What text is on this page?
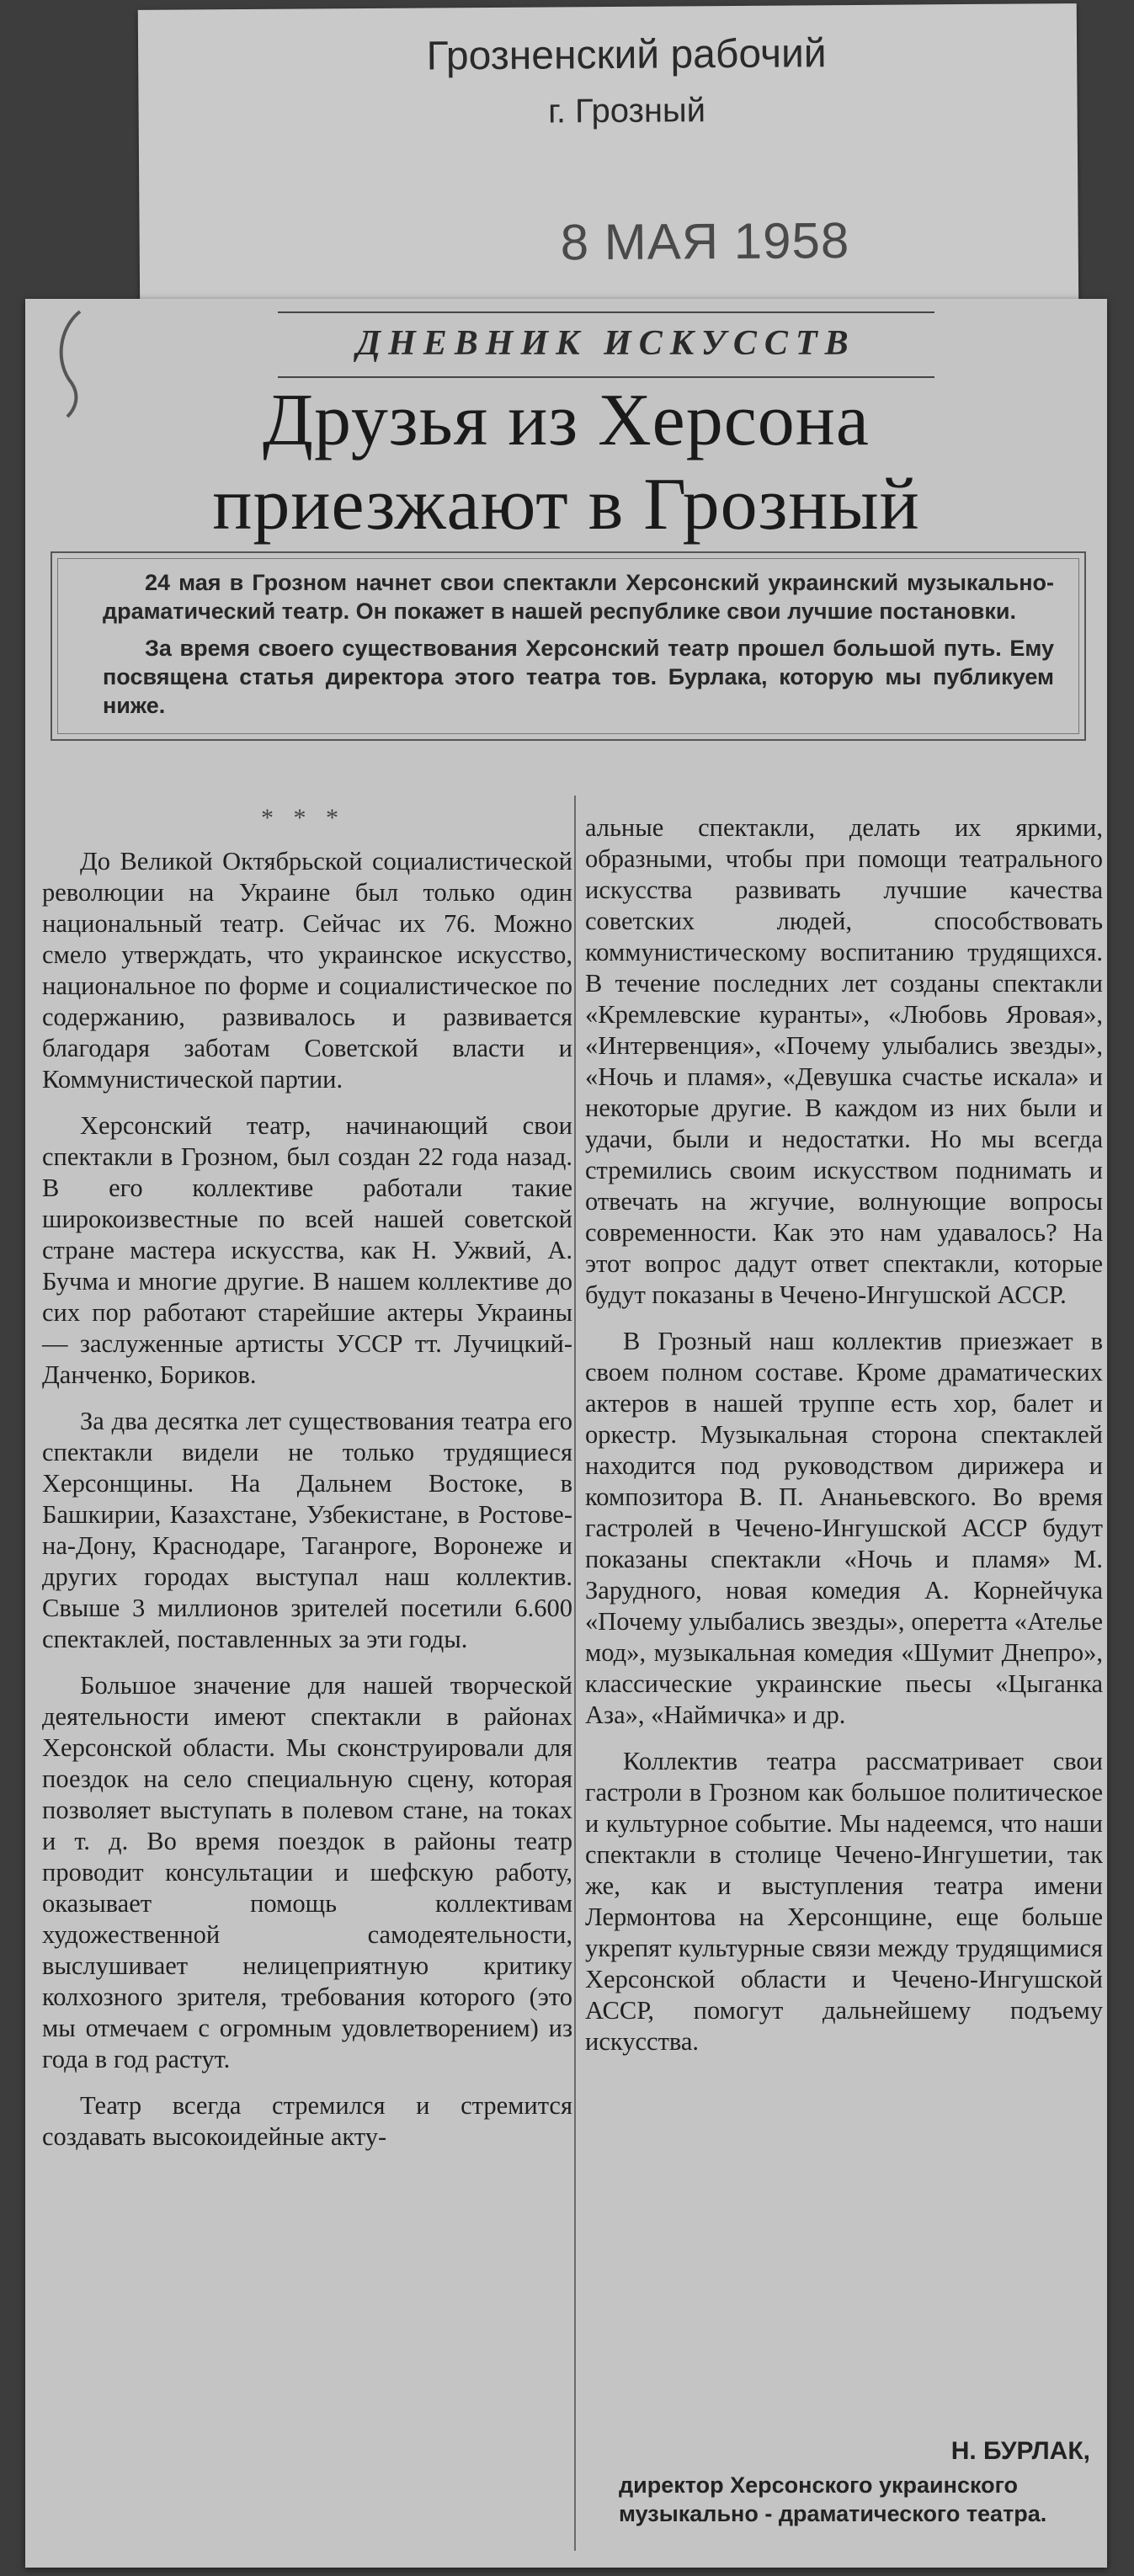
Грозненский рабочий
г. Грозный
8 МАЯ 1958
ДНЕВНИК ИСКУССТВ
Друзья из Херсона приезжают в Грозный

24 мая в Грозном начнет свои спектакли Херсонский украинский музыкально-драматический театр. Он покажет в нашей республике свои лучшие постановки.

За время своего существования Херсонский театр прошел большой путь. Ему посвящена статья директора этого театра тов. Бурлака, которую мы публикуем ниже.

* * *

До Великой Октябрьской социалистической революции на Украине был только один национальный театр. Сейчас их 76. Можно смело утверждать, что украинское искусство, национальное по форме и социалистическое по содержанию, развивалось и развивается благодаря заботам Советской власти и Коммунистической партии.

Херсонский театр, начинающий свои спектакли в Грозном, был создан 22 года назад. В его коллективе работали такие широкоизвестные по всей нашей советской стране мастера искусства, как Н. Ужвий, А. Бучма и многие другие. В нашем коллективе до сих пор работают старейшие актеры Украины — заслуженные артисты УССР тт. Лучицкий-Данченко, Бориков.

За два десятка лет существования театра его спектакли видели не только трудящиеся Херсонщины. На Дальнем Востоке, в Башкирии, Казахстане, Узбекистане, в Ростове-на-Дону, Краснодаре, Таганроге, Воронеже и других городах выступал наш коллектив. Свыше 3 миллионов зрителей посетили 6.600 спектаклей, поставленных за эти годы.

Большое значение для нашей творческой деятельности имеют спектакли в районах Херсонской области. Мы сконструировали для поездок на село специальную сцену, которая позволяет выступать в полевом стане, на токах и т. д. Во время поездок в районы театр проводит консультации и шефскую работу, оказывает помощь коллективам художественной самодеятельности, выслушивает нелицеприятную критику колхозного зрителя, требования которого (это мы отмечаем с огромным удовлетворением) из года в год растут.

Театр всегда стремился и стремится создавать высокоидейные акту-

альные спектакли, делать их яркими, образными, чтобы при помощи театрального искусства развивать лучшие качества советских людей, способствовать коммунистическому воспитанию трудящихся. В течение последних лет созданы спектакли «Кремлевские куранты», «Любовь Яровая», «Интервенция», «Почему улыбались звезды», «Ночь и пламя», «Девушка счастье искала» и некоторые другие. В каждом из них были и удачи, были и недостатки. Но мы всегда стремились своим искусством поднимать и отвечать на жгучие, волнующие вопросы современности. Как это нам удавалось? На этот вопрос дадут ответ спектакли, которые будут показаны в Чечено-Ингушской АССР.

В Грозный наш коллектив приезжает в своем полном составе. Кроме драматических актеров в нашей труппе есть хор, балет и оркестр. Музыкальная сторона спектаклей находится под руководством дирижера и композитора В. П. Ананьевского. Во время гастролей в Чечено-Ингушской АССР будут показаны спектакли «Ночь и пламя» М. Зарудного, новая комедия А. Корнейчука «Почему улыбались звезды», оперетта «Ателье мод», музыкальная комедия «Шумит Днепро», классические украинские пьесы «Цыганка Аза», «Наймичка» и др.

Коллектив театра рассматривает свои гастроли в Грозном как большое политическое и культурное событие. Мы надеемся, что наши спектакли в столице Чечено-Ингушетии, так же, как и выступления театра имени Лермонтова на Херсонщине, еще больше укрепят культурные связи между трудящимися Херсонской области и Чечено-Ингушской АССР, помогут дальнейшему подъему искусства.

Н. БУРЛАК,
директор Херсонского украинского музыкально - драматического театра.
